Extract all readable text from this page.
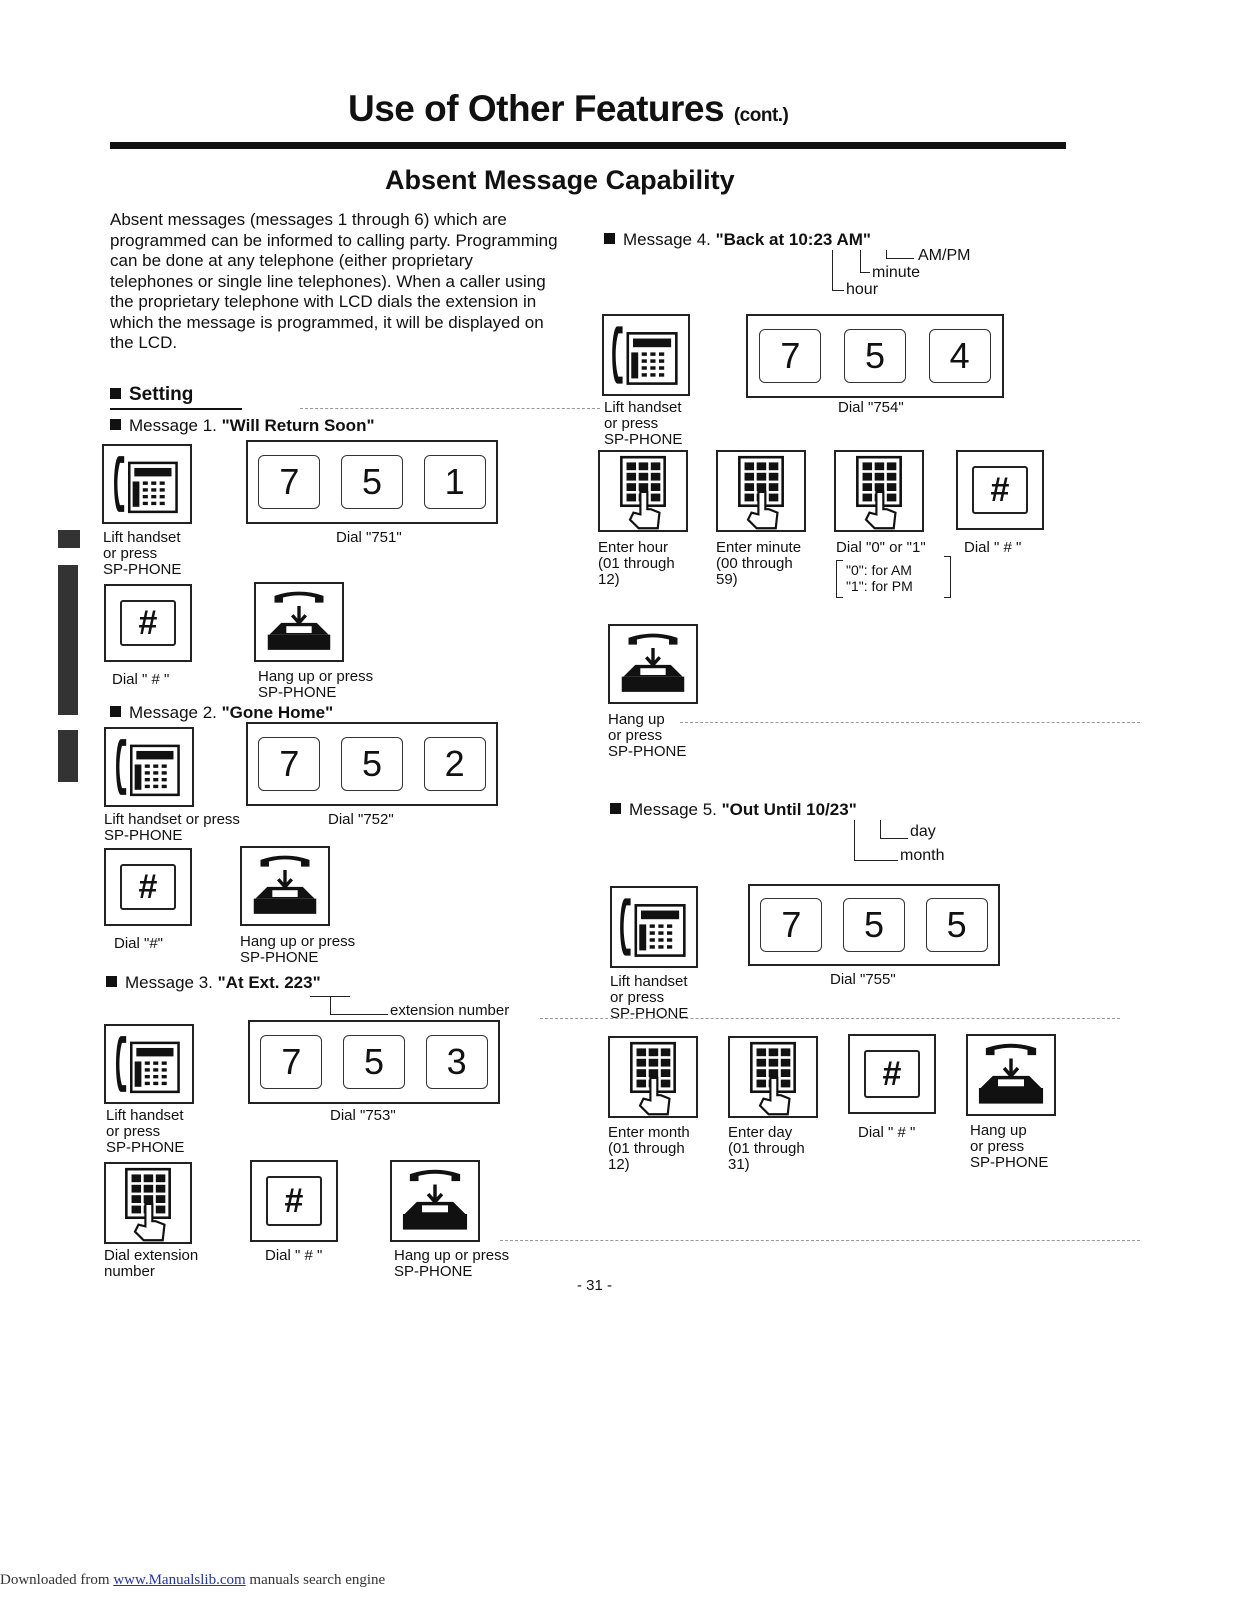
Use of Other Features (cont.)
Absent Message Capability
Absent messages (messages 1 through 6) which are programmed can be informed to calling party. Programming can be done at any telephone (either proprietary telephones or single line telephones). When a caller using the proprietary telephone with LCD dials the extension in which the message is programmed, it will be displayed on the LCD.
Setting
Message 1. "Will Return Soon"
7	5	1
Lift handset
or press
SP-PHONE
Dial "751"
#
Dial " # "	Hang up or press
SP-PHONE
Message 2. "Gone Home"
7	5	2
Lift handset or press
SP-PHONE
Dial "752"
#
Dial "#"	Hang up or press
SP-PHONE
Message 3. "At Ext. 223"
extension number
7	5	3
Lift handset
or press
SP-PHONE
Dial "753"
#
Dial extension
number
Dial " # "	Hang up or press
SP-PHONE
Message 4. "Back at 10:23 AM"
AM/PM
minute
hour
7	5	4
Lift handset
or press
SP-PHONE
Dial "754"
#
Enter hour
(01 through
12)
Enter minute
(00 through
59)
Dial "0" or "1"	Dial " # "
"0": for AM
"1": for PM
Hang up
or press
SP-PHONE
Message 5. "Out Until 10/23"
day
month
7	5	5
Lift handset
or press
SP-PHONE
Dial "755"
#
Enter month
(01 through
12)
Enter day
(01 through
31)
Dial " # "	Hang up
or press
SP-PHONE
- 31 -
Downloaded from www.Manualslib.com manuals search engine
